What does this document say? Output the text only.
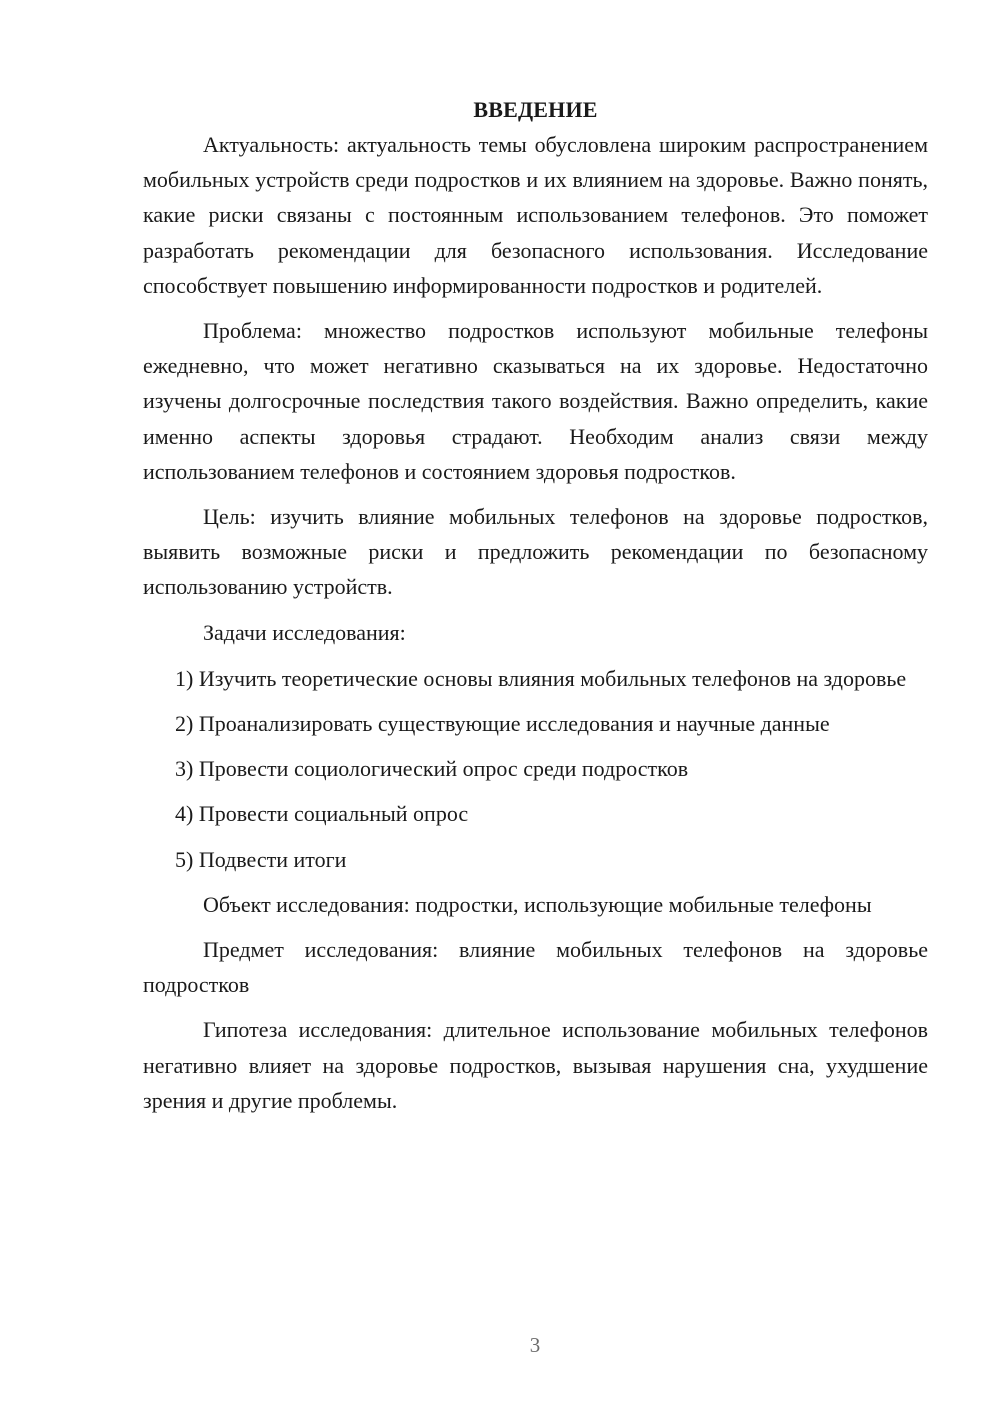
ВВЕДЕНИЕ

Актуальность: актуальность темы обусловлена широким распространением мобильных устройств среди подростков и их влиянием на здоровье. Важно понять, какие риски связаны с постоянным использованием телефонов. Это поможет разработать рекомендации для безопасного использования. Исследование способствует повышению информированности подростков и родителей.

Проблема: множество подростков используют мобильные телефоны ежедневно, что может негативно сказываться на их здоровье. Недостаточно изучены долгосрочные последствия такого воздействия. Важно определить, какие именно аспекты здоровья страдают. Необходим анализ связи между использованием телефонов и состоянием здоровья подростков.

Цель: изучить влияние мобильных телефонов на здоровье подростков, выявить возможные риски и предложить рекомендации по безопасному использованию устройств.

Задачи исследования:

1) Изучить теоретические основы влияния мобильных телефонов на здоровье

2) Проанализировать существующие исследования и научные данные

3) Провести социологический опрос среди подростков

4) Провести социальный опрос

5) Подвести итоги

Объект исследования: подростки, использующие мобильные телефоны

Предмет исследования: влияние мобильных телефонов на здоровье подростков

Гипотеза исследования: длительное использование мобильных телефонов негативно влияет на здоровье подростков, вызывая нарушения сна, ухудшение зрения и другие проблемы.

3
